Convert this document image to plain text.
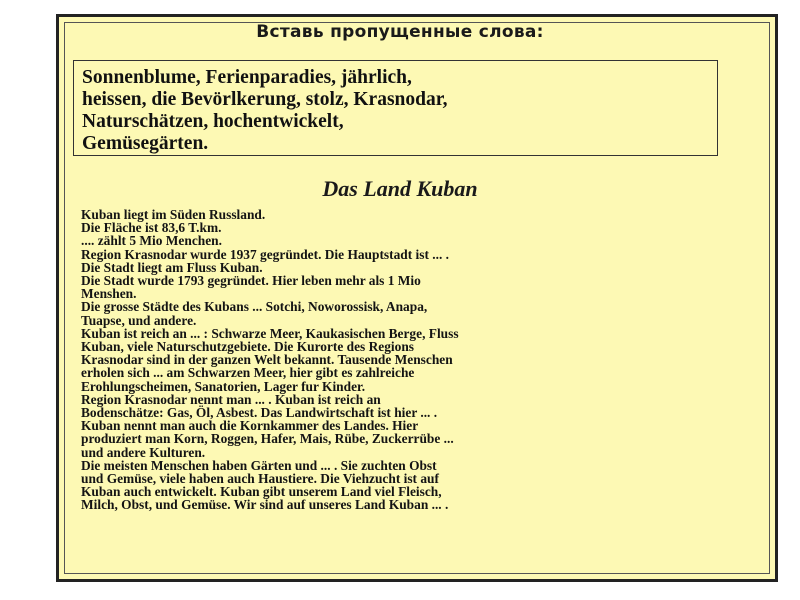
Вставь пропущенные слова:
Sonnenblume, Ferienparadies, jährlich,
heissen, die Bevörlkerung, stolz, Krasnodar,
Naturschätzen, hochentwickelt,
Gemüsegärten.
Das Land Kuban
Kuban liegt im Süden Russland.
Die Fläche ist 83,6 T.km.
.... zählt 5 Mio Menchen.
Region Krasnodar wurde 1937 gegründet. Die Hauptstadt ist ... .
Die Stadt liegt am Fluss Kuban.
Die Stadt wurde 1793 gegründet. Hier leben mehr als 1 Mio
Menshen.
Die grosse Städte des Kubans ... Sotchi, Noworossisk, Anapa,
Tuapse, und andere.
Kuban ist reich an ... : Schwarze Meer, Kaukasischen Berge, Fluss
Kuban, viele Naturschutzgebiete. Die Kurorte des Regions
Krasnodar sind in der ganzen Welt bekannt. Tausende Menschen
erholen sich ... am Schwarzen Meer, hier gibt es zahlreiche
Erohlungscheimen, Sanatorien, Lager fur Kinder.
Region Krasnodar nennt man ... . Kuban ist reich an
Bodenschätze: Gas, Öl, Asbest. Das Landwirtschaft ist hier ... .
Kuban nennt man auch die Kornkammer des Landes. Hier
produziert man Korn, Roggen, Hafer, Mais, Rübe, Zuckerrübe ...
und andere Kulturen.
Die meisten Menschen haben Gärten und ... . Sie zuchten Obst
und Gemüse, viele haben auch Haustiere. Die Viehzucht ist auf
Kuban auch entwickelt. Kuban gibt unserem Land viel Fleisch,
Milch, Obst, und Gemüse. Wir sind auf unseres Land Kuban ... .
